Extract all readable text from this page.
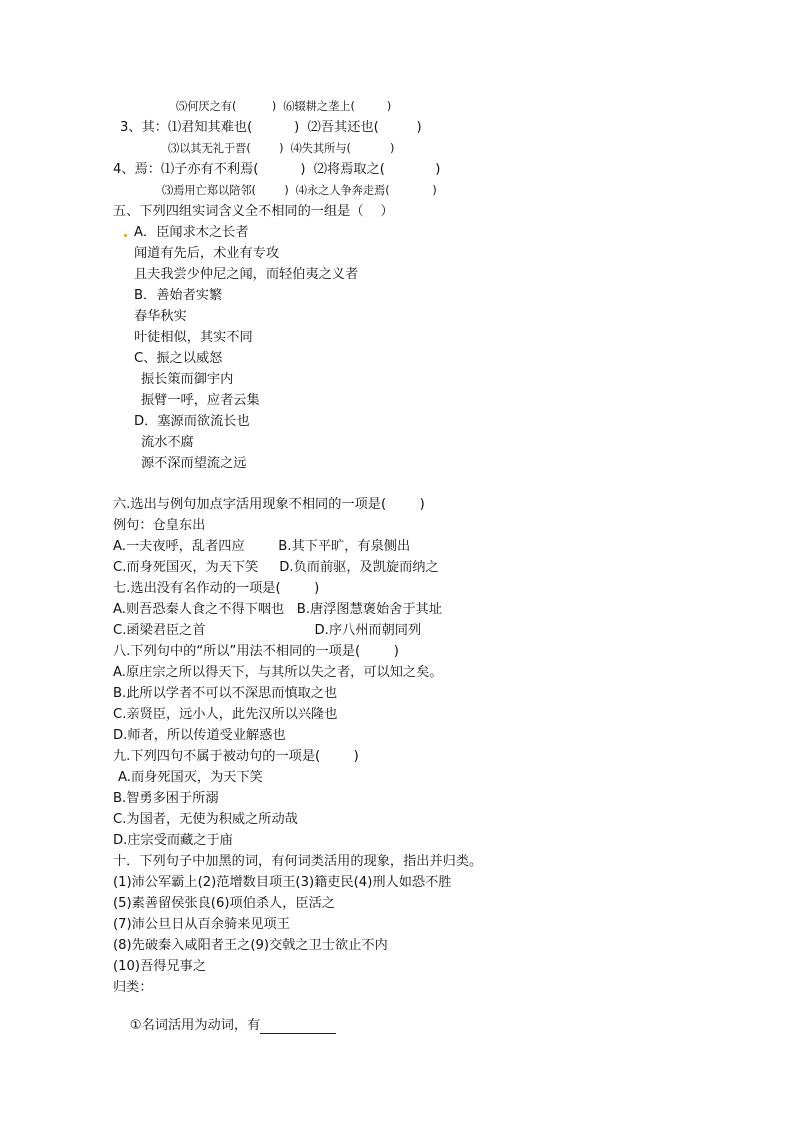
⑸何厌之有(          )  ⑹辍耕之垄上(         )
3、其：⑴君知其难也(          )  ⑵吾其还也(         )
⑶以其无礼于晋(        )  ⑷失其所与(           )
4、焉：⑴子亦有不利焉(          )  ⑵将焉取之(            )
⑶焉用亡郑以陪邻(        )  ⑷永之人争奔走焉(            )
五、下列四组实词含义全不相同的一组是（    ）
A．臣闻求木之长者
闻道有先后，术业有专攻
且夫我尝少仲尼之闻，而轻伯夷之义者
B．善始者实繁
春华秋实
叶徒相似，其实不同
C、振之以威怒
振长策而御宇内
振臂一呼，应者云集
D．塞源而欲流长也
流水不腐
源不深而望流之远
六.选出与例句加点字活用现象不相同的一项是(        )
例句：仓皇东出
A.一夫夜呼，乱者四应        B.其下平旷，有泉侧出
C.而身死国灭，为天下笑     D.负而前驱，及凯旋而纳之
七.选出没有名作动的一项是(        )
A.则吾恐秦人食之不得下咽也   B.唐浮图慧褒始舍于其址
C.函梁君臣之首                          D.序八州而朝同列
八.下列句中的“所以”用法不相同的一项是(        )
A.原庄宗之所以得天下，与其所以失之者，可以知之矣。
B.此所以学者不可以不深思而慎取之也
C.亲贤臣，远小人，此先汉所以兴隆也
D.师者，所以传道受业解惑也
九.下列四句不属于被动句的一项是(        )
A.而身死国灭，为天下笑
B.智勇多困于所溺
C.为国者，无使为积威之所动哉
D.庄宗受而藏之于庙
十．下列句子中加黑的词，有何词类活用的现象，指出并归类。
(1)沛公军霸上(2)范增数目项王(3)籍吏民(4)刑人如恐不胜
(5)素善留侯张良(6)项伯杀人，臣活之
(7)沛公旦日从百余骑来见项王
(8)先破秦入咸阳者王之(9)交戟之卫士欲止不内
(10)吾得兄事之
归类：

①名词活用为动词，有
